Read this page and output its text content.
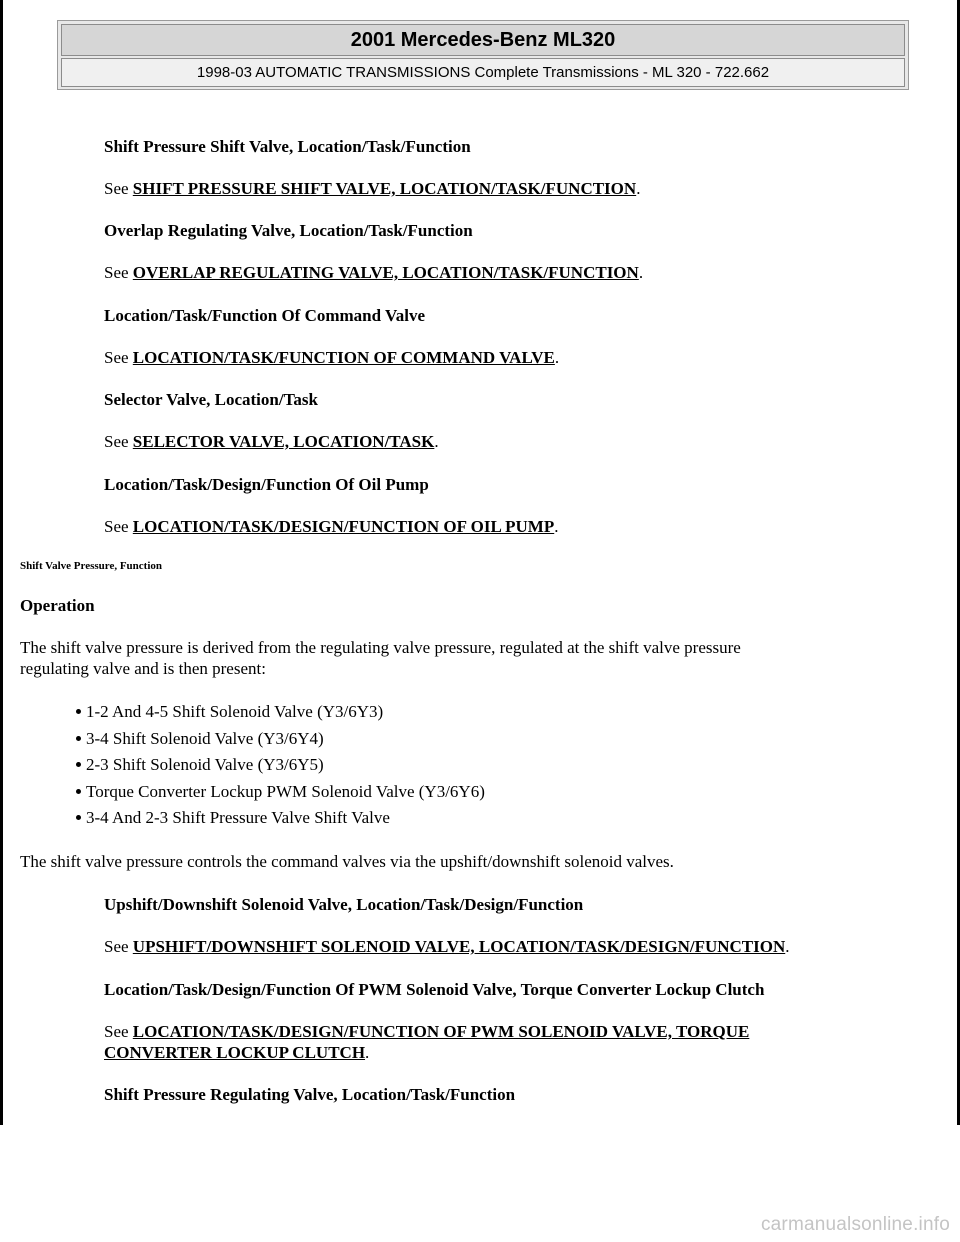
2001 Mercedes-Benz ML320
1998-03 AUTOMATIC TRANSMISSIONS Complete Transmissions - ML 320 - 722.662
Shift Pressure Shift Valve, Location/Task/Function
See SHIFT PRESSURE SHIFT VALVE, LOCATION/TASK/FUNCTION.
Overlap Regulating Valve, Location/Task/Function
See OVERLAP REGULATING VALVE, LOCATION/TASK/FUNCTION.
Location/Task/Function Of Command Valve
See LOCATION/TASK/FUNCTION OF COMMAND VALVE.
Selector Valve, Location/Task
See SELECTOR VALVE, LOCATION/TASK.
Location/Task/Design/Function Of Oil Pump
See LOCATION/TASK/DESIGN/FUNCTION OF OIL PUMP.
Shift Valve Pressure, Function
Operation
The shift valve pressure is derived from the regulating valve pressure, regulated at the shift valve pressure
regulating valve and is then present:
1-2 And 4-5 Shift Solenoid Valve (Y3/6Y3)
3-4 Shift Solenoid Valve (Y3/6Y4)
2-3 Shift Solenoid Valve (Y3/6Y5)
Torque Converter Lockup PWM Solenoid Valve (Y3/6Y6)
3-4 And 2-3 Shift Pressure Valve Shift Valve
The shift valve pressure controls the command valves via the upshift/downshift solenoid valves.
Upshift/Downshift Solenoid Valve, Location/Task/Design/Function
See UPSHIFT/DOWNSHIFT SOLENOID VALVE, LOCATION/TASK/DESIGN/FUNCTION.
Location/Task/Design/Function Of PWM Solenoid Valve, Torque Converter Lockup Clutch
See LOCATION/TASK/DESIGN/FUNCTION OF PWM SOLENOID VALVE, TORQUE
CONVERTER LOCKUP CLUTCH.
Shift Pressure Regulating Valve, Location/Task/Function
carmanualsonline.info
